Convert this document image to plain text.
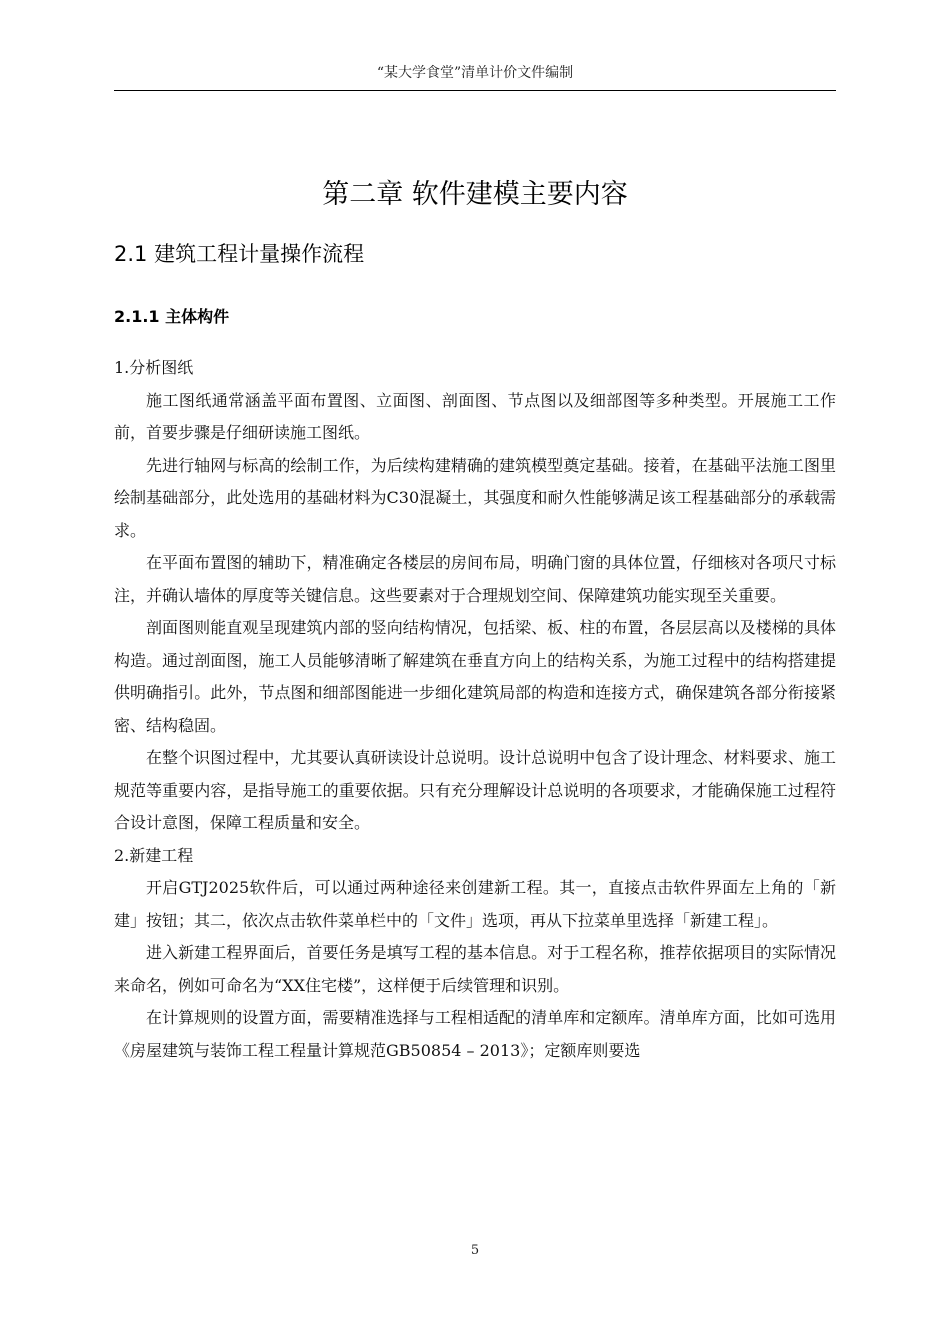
“某大学食堂”清单计价文件编制
第二章 软件建模主要内容
2.1 建筑工程计量操作流程
2.1.1 主体构件

1.分析图纸

施工图纸通常涵盖平面布置图、立面图、剖面图、节点图以及细部图等多种类型。开展施工工作前，首要步骤是仔细研读施工图纸。

先进行轴网与标高的绘制工作，为后续构建精确的建筑模型奠定基础。接着，在基础平法施工图里绘制基础部分，此处选用的基础材料为C30混凝土，其强度和耐久性能够满足该工程基础部分的承载需求。

在平面布置图的辅助下，精准确定各楼层的房间布局，明确门窗的具体位置，仔细核对各项尺寸标注，并确认墙体的厚度等关键信息。这些要素对于合理规划空间、保障建筑功能实现至关重要。

剖面图则能直观呈现建筑内部的竖向结构情况，包括梁、板、柱的布置，各层层高以及楼梯的具体构造。通过剖面图，施工人员能够清晰了解建筑在垂直方向上的结构关系，为施工过程中的结构搭建提供明确指引。此外，节点图和细部图能进一步细化建筑局部的构造和连接方式，确保建筑各部分衔接紧密、结构稳固。

在整个识图过程中，尤其要认真研读设计总说明。设计总说明中包含了设计理念、材料要求、施工规范等重要内容，是指导施工的重要依据。只有充分理解设计总说明的各项要求，才能确保施工过程符合设计意图，保障工程质量和安全。

2.新建工程

开启GTJ2025软件后，可以通过两种途径来创建新工程。其一，直接点击软件界面左上角的「新建」按钮；其二，依次点击软件菜单栏中的「文件」选项，再从下拉菜单里选择「新建工程」。

进入新建工程界面后，首要任务是填写工程的基本信息。对于工程名称，推荐依据项目的实际情况来命名，例如可命名为“XX住宅楼”，这样便于后续管理和识别。

在计算规则的设置方面，需要精准选择与工程相适配的清单库和定额库。清单库方面，比如可选用《房屋建筑与装饰工程工程量计算规范GB50854 – 2013》；定额库则要选

5
